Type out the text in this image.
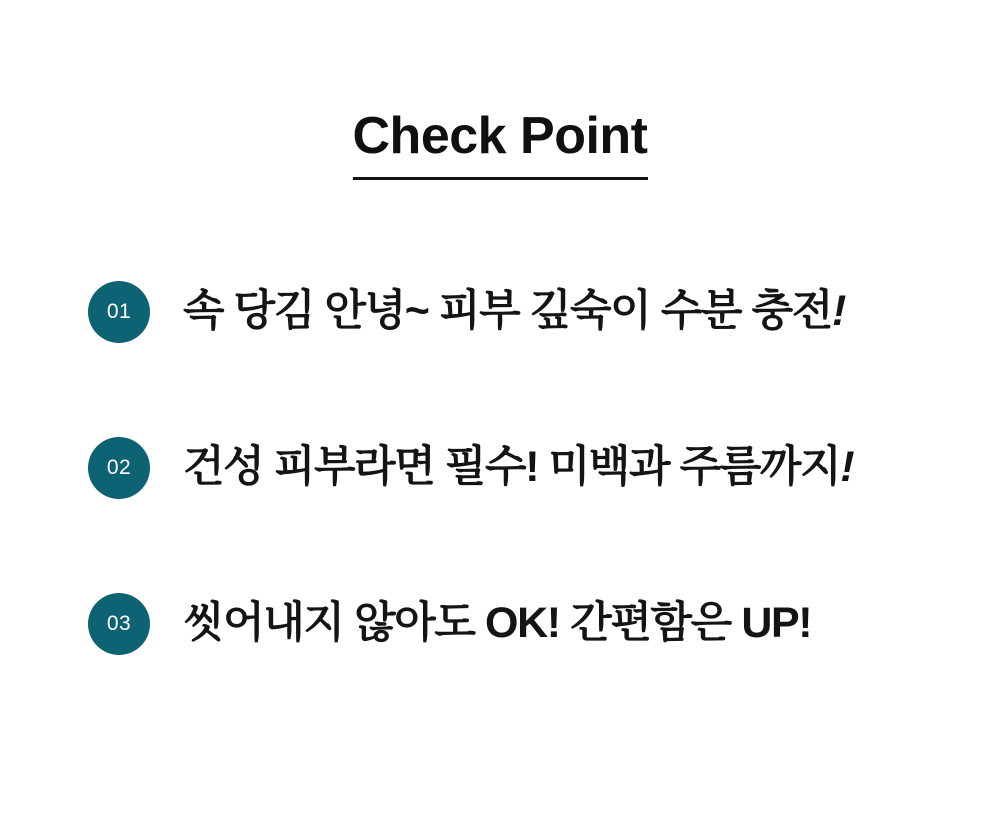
Check Point
01	속 당김 안녕~ 피부 깊숙이 수분 충전!
02	건성 피부라면 필수! 미백과 주름까지!
03	씻어내지 않아도 OK! 간편함은 UP!
